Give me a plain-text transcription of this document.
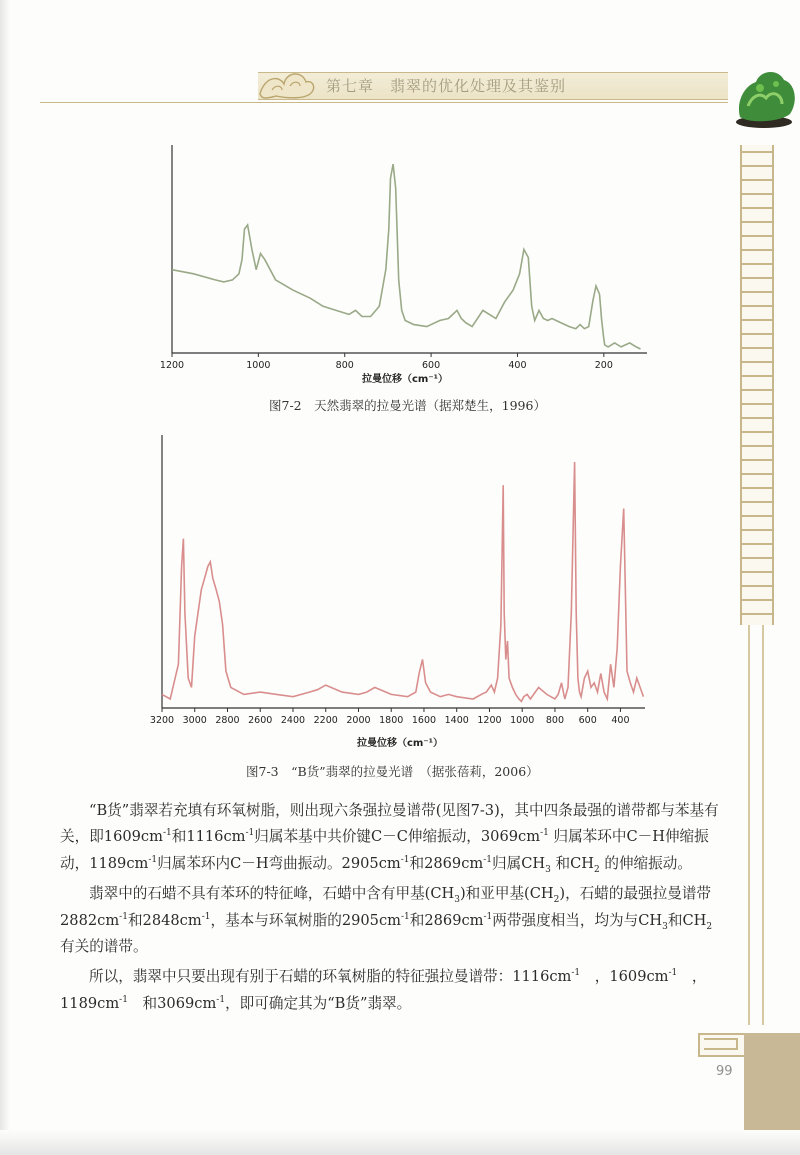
第七章　翡翠的优化处理及其鉴别
99
1200	1000	800	600	400	200
拉曼位移（cm⁻¹）
图7-2　天然翡翠的拉曼光谱（据郑楚生，1996）
3200 3000 2800 2600 2400 2200 2000 1800 1600 1400 1200 1000 800 600 400
拉曼位移（cm⁻¹）
图7-3　“B货”翡翠的拉曼光谱　（据张蓓莉，2006）

“B货”翡翠若充填有环氧树脂，则出现六条强拉曼谱带(见图7-3)，其中四条最强的谱带都与苯基有关，即$1609cm^{-1}$和$1116cm^{-1}$归属苯基中共价键C－C伸缩振动，$3069cm^{-1}$ 归属苯环中C－H伸缩振动，$1189cm^{-1}$归属苯环内C－H弯曲振动。$2905cm^{-1}$和$2869cm^{-1}$归属$CH_3$ 和$CH_2$ 的伸缩振动。

翡翠中的石蜡不具有苯环的特征峰，石蜡中含有甲基$(CH_3)$和亚甲基$(CH_2)$，石蜡的最强拉曼谱带$2882cm^{-1}$和$2848cm^{-1}$，基本与环氧树脂的$2905cm^{-1}$和$2869cm^{-1}$两带强度相当，均为与$CH_3$和$CH_2$有关的谱带。

所以，翡翠中只要出现有别于石蜡的环氧树脂的特征强拉曼谱带：$1116cm^{-1}$　，$1609cm^{-1}$　，$1189cm^{-1}$　和$3069cm^{-1}$，即可确定其为“B货”翡翠。
